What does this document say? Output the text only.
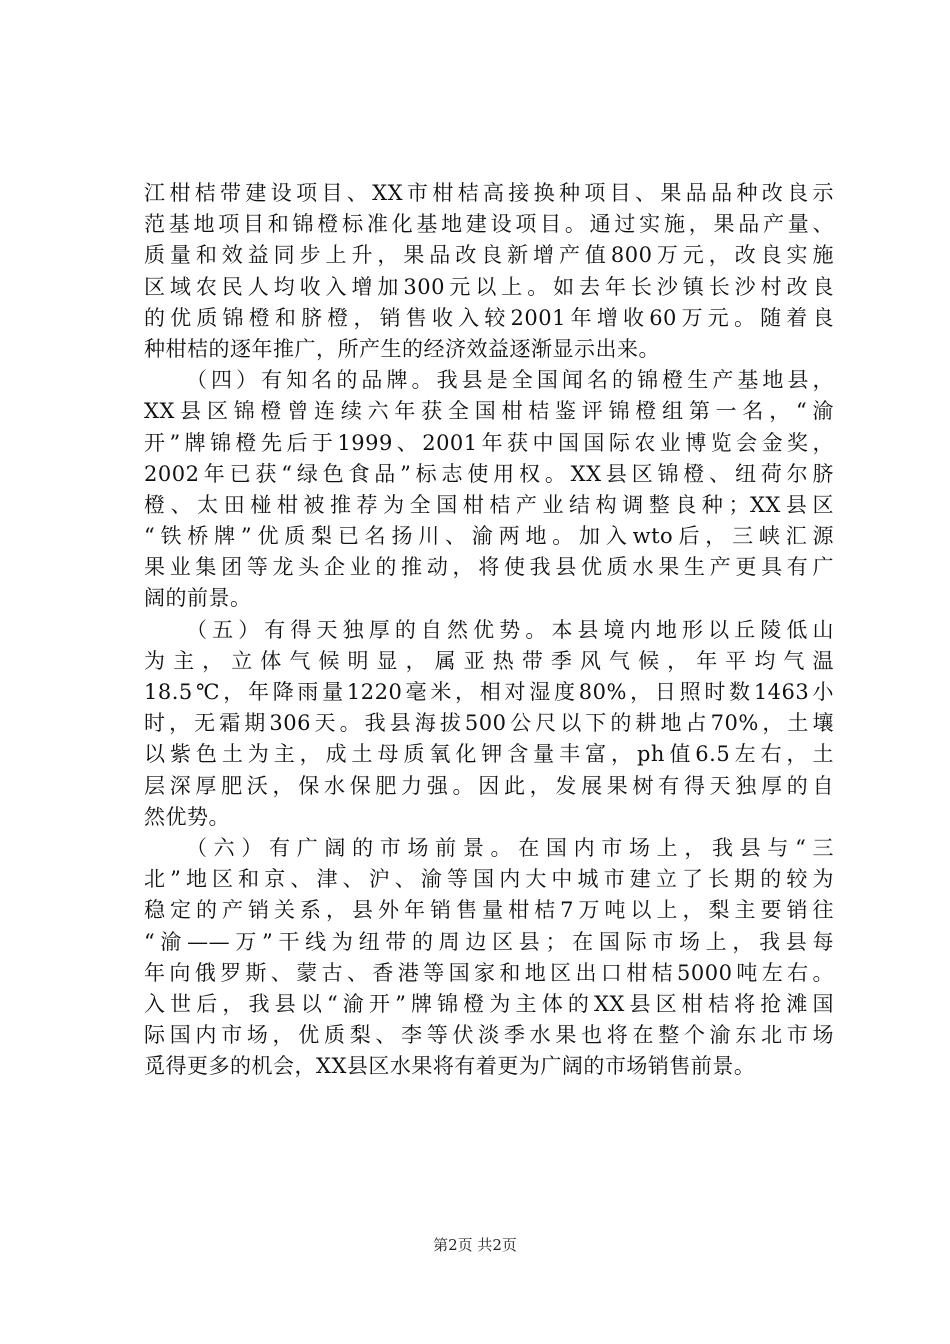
江柑桔带建设项目、XX市柑桔高接换种项目、果品品种改良示
范基地项目和锦橙标准化基地建设项目。通过实施，果品产量、
质量和效益同步上升，果品改良新增产值800万元，改良实施
区域农民人均收入增加300元以上。如去年长沙镇长沙村改良
的优质锦橙和脐橙，销售收入较2001年增收60万元。随着良
种柑桔的逐年推广，所产生的经济效益逐渐显示出来。
（四）有知名的品牌。我县是全国闻名的锦橙生产基地县，
XX县区锦橙曾连续六年获全国柑桔鉴评锦橙组第一名，“渝
开”牌锦橙先后于1999、2001年获中国国际农业博览会金奖，
2002年已获“绿色食品”标志使用权。XX县区锦橙、纽荷尔脐
橙、太田椪柑被推荐为全国柑桔产业结构调整良种；XX县区
“铁桥牌”优质梨已名扬川、渝两地。加入wto后，三峡汇源
果业集团等龙头企业的推动，将使我县优质水果生产更具有广
阔的前景。
（五）有得天独厚的自然优势。本县境内地形以丘陵低山
为主，立体气候明显，属亚热带季风气候，年平均气温
18.5℃，年降雨量1220毫米，相对湿度80%，日照时数1463小
时，无霜期306天。我县海拔500公尺以下的耕地占70%，土壤
以紫色土为主，成土母质氧化钾含量丰富，ph值6.5左右，土
层深厚肥沃，保水保肥力强。因此，发展果树有得天独厚的自
然优势。
（六）有广阔的市场前景。在国内市场上，我县与“三
北”地区和京、津、沪、渝等国内大中城市建立了长期的较为
稳定的产销关系，县外年销售量柑桔7万吨以上，梨主要销往
“渝——万”干线为纽带的周边区县；在国际市场上，我县每
年向俄罗斯、蒙古、香港等国家和地区出口柑桔5000吨左右。
入世后，我县以“渝开”牌锦橙为主体的XX县区柑桔将抢滩国
际国内市场，优质梨、李等伏淡季水果也将在整个渝东北市场
觅得更多的机会，XX县区水果将有着更为广阔的市场销售前景。
第2页 共2页
